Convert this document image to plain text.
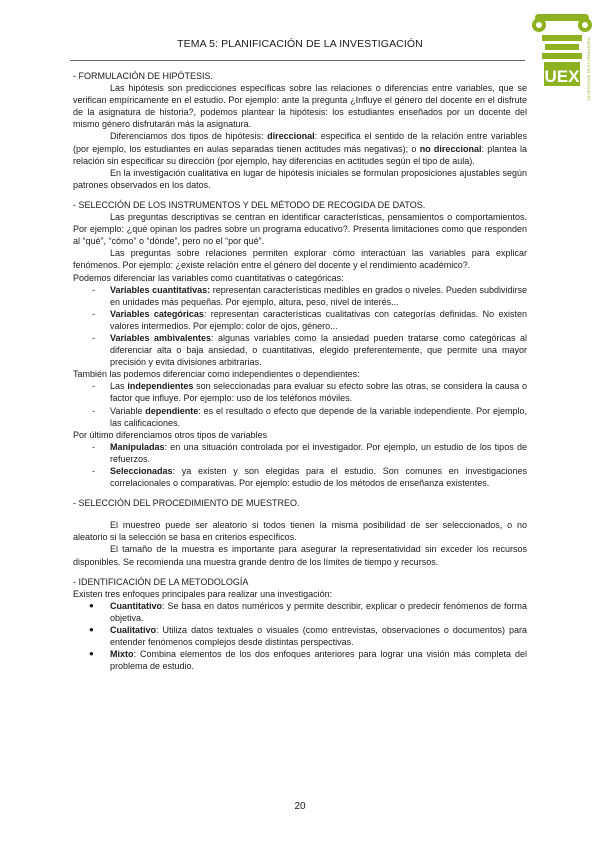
TEMA 5: PLANIFICACIÓN DE LA INVESTIGACIÓN
UEX UNIVERSIDAD DE EXTREMADURA

- FORMULACIÓN DE HIPÓTESIS.

Las hipótesis son predicciones específicas sobre las relaciones o diferencias entre variables, que se verifican empíricamente en el estudio. Por ejemplo: ante la pregunta ¿Influye el género del docente en el disfrute de la asignatura de historia?, podemos plantear la hipótesis: los estudiantes enseñados por un docente del mismo género disfrutarán más la asignatura.

Diferenciamos dos tipos de hipótesis: direccional: especifica el sentido de la relación entre variables (por ejemplo, los estudiantes en aulas separadas tienen actitudes más negativas); o no direccional: plantea la relación sin especificar su dirección (por ejemplo, hay diferencias en actitudes según el tipo de aula).

En la investigación cualitativa en lugar de hipótesis iniciales se formulan proposiciones ajustables según patrones observados en los datos.

- SELECCIÓN DE LOS INSTRUMENTOS Y DEL MÉTODO DE RECOGIDA DE DATOS.

Las preguntas descriptivas se centran en identificar características, pensamientos o comportamientos. Por ejemplo: ¿qué opinan los padres sobre un programa educativo?. Presenta limitaciones como que responden al “qué”, “cómo” o “dónde”, pero no el “por qué”.

Las preguntas sobre relaciones permiten explorar cómo interactúan las variables para explicar fenómenos. Por ejemplo: ¿existe relación entre el género del docente y el rendimiento académico?.

Podemos diferenciar las variables como cuantitativas o categóricas:

- Variables cuantitativas: representan características medibles en grados o niveles. Pueden subdividirse en unidades más pequeñas. Por ejemplo, altura, peso, nivel de interés...
- Variables categóricas: representan características cualitativas con categorías definidas. No existen valores intermedios. Por ejemplo: color de ojos, género...
- Variables ambivalentes: algunas variables como la ansiedad pueden tratarse como categóricas al diferenciar alta o baja ansiedad, o cuantitativas, elegido preferentemente, que permite una mayor precisión y evita divisiones arbitrarias.

También las podemos diferenciar como independientes o dependientes:

- Las independientes son seleccionadas para evaluar su efecto sobre las otras, se considera la causa o factor que influye. Por ejemplo: uso de los teléfonos móviles.
- Variable dependiente: es el resultado o efecto que depende de la variable independiente. Por ejemplo, las calificaciones.

Por último diferenciamos otros tipos de variables

- Manipuladas: en una situación controlada por el investigador. Por ejemplo, un estudio de los tipos de refuerzos.
- Seleccionadas: ya existen y son elegidas para el estudio. Son comunes en investigaciones correlacionales o comparativas. Por ejemplo: estudio de los métodos de enseñanza existentes.

- SELECCIÓN DEL PROCEDIMIENTO DE MUESTREO.

El muestreo puede ser aleatorio si todos tienen la misma posibilidad de ser seleccionados, o no aleatorio si la selección se basa en criterios específicos.

El tamaño de la muestra es importante para asegurar la representatividad sin exceder los recursos disponibles. Se recomienda una muestra grande dentro de los límites de tiempo y recursos.

- IDENTIFICACIÓN DE LA METODOLOGÍA

Existen tres enfoques principales para realizar una investigación:

● Cuantitativo: Se basa en datos numéricos y permite describir, explicar o predecir fenómenos de forma objetiva.
● Cualitativo: Utiliza datos textuales o visuales (como entrevistas, observaciones o documentos) para entender fenómenos complejos desde distintas perspectivas.
● Mixto: Combina elementos de los dos enfoques anteriores para lograr una visión más completa del problema de estudio.
20
